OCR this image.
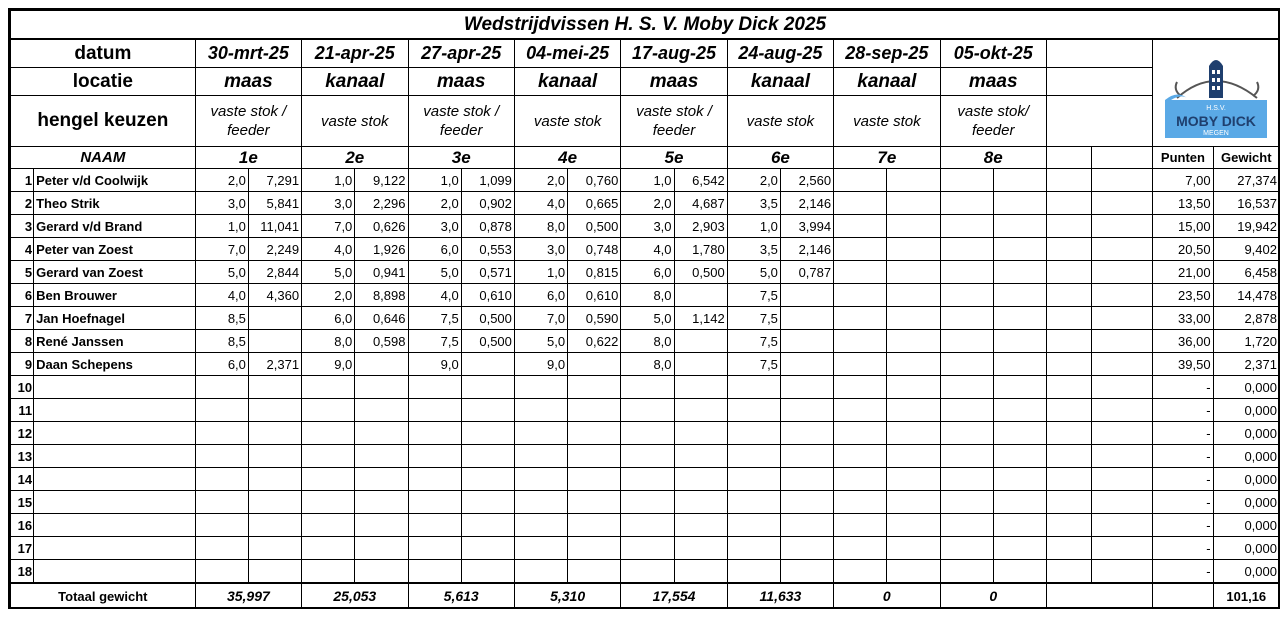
Wedstrijdvissen H. S. V. Moby Dick 2025																					
datum		30-mrt-25		21-apr-25		27-apr-25		04-mei-25		17-aug-25		24-aug-25		28-sep-25		05-okt-25				H.S.V.
MOBY DICK
MEGEN	

locatie		maas		kanaal		maas		kanaal		maas		kanaal		kanaal		maas					
hengel keuzen		vaste stok / feeder		vaste stok		vaste stok / feeder		vaste stok		vaste stok / feeder		vaste stok		vaste stok		vaste stok/ feeder					
NAAM		1e		2e		3e		4e		5e		6e		7e		8e				Punten	Gewicht
1	Peter v/d Coolwijk	2,0	7,291	1,0	9,122	1,0	1,099	2,0	0,760	1,0	6,542	2,0	2,560							7,00	27,374
2	Theo Strik	3,0	5,841	3,0	2,296	2,0	0,902	4,0	0,665	2,0	4,687	3,5	2,146							13,50	16,537
3	Gerard v/d Brand	1,0	11,041	7,0	0,626	3,0	0,878	8,0	0,500	3,0	2,903	1,0	3,994							15,00	19,942
4	Peter van Zoest	7,0	2,249	4,0	1,926	6,0	0,553	3,0	0,748	4,0	1,780	3,5	2,146							20,50	9,402
5	Gerard van Zoest	5,0	2,844	5,0	0,941	5,0	0,571	1,0	0,815	6,0	0,500	5,0	0,787							21,00	6,458
6	Ben Brouwer	4,0	4,360	2,0	8,898	4,0	0,610	6,0	0,610	8,0		7,5								23,50	14,478
7	Jan Hoefnagel	8,5		6,0	0,646	7,5	0,500	7,0	0,590	5,0	1,142	7,5								33,00	2,878
8	René Janssen	8,5		8,0	0,598	7,5	0,500	5,0	0,622	8,0		7,5								36,00	1,720
9	Daan Schepens	6,0	2,371	9,0		9,0		9,0		8,0		7,5								39,50	2,371
10																				-	0,000
11																				-	0,000
12																				-	0,000
13																				-	0,000
14																				-	0,000
15																				-	0,000
16																				-	0,000
17																				-	0,000
18																				-	0,000
Totaal gewicht		35,997		25,053		5,613		5,310		17,554		11,633		0		0					101,16
